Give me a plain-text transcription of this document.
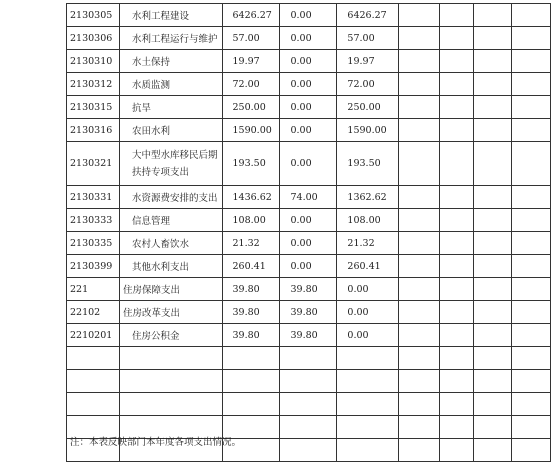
2130305	水利工程建设	6426.27	0.00	6426.27				
2130306	水利工程运行与维护	57.00	0.00	57.00				
2130310	水土保持	19.97	0.00	19.97				
2130312	水质监测	72.00	0.00	72.00				
2130315	抗旱	250.00	0.00	250.00				
2130316	农田水利	1590.00	0.00	1590.00				
2130321	大中型水库移民后期扶持专项支出	193.50	0.00	193.50				
2130331	水资源费安排的支出	1436.62	74.00	1362.62				
2130333	信息管理	108.00	0.00	108.00				
2130335	农村人畜饮水	21.32	0.00	21.32				
2130399	其他水利支出	260.41	0.00	260.41				
221	住房保障支出	39.80	39.80	0.00				
22102	住房改革支出	39.80	39.80	0.00				
2210201	住房公积金	39.80	39.80	0.00				

注：本表反映部门本年度各项支出情况。
